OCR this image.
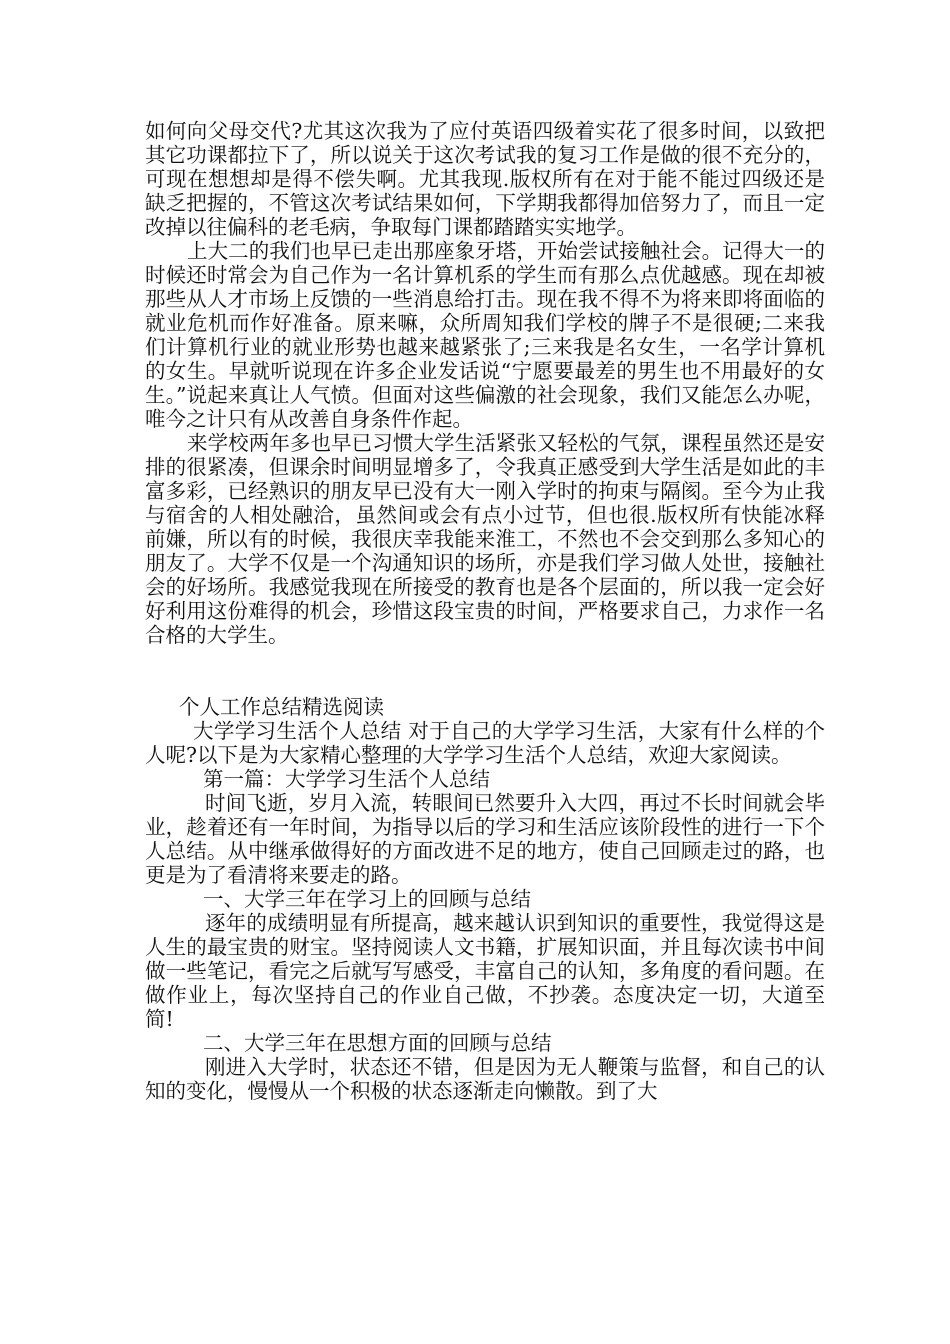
如何向父母交代?尤其这次我为了应付英语四级着实花了很多时间，以致把其它功课都拉下了，所以说关于这次考试我的复习工作是做的很不充分的，可现在想想却是得不偿失啊。尤其我现.版权所有在对于能不能过四级还是缺乏把握的，不管这次考试结果如何，下学期我都得加倍努力了，而且一定改掉以往偏科的老毛病，争取每门课都踏踏实实地学。

上大二的我们也早已走出那座象牙塔，开始尝试接触社会。记得大一的时候还时常会为自己作为一名计算机系的学生而有那么点优越感。现在却被那些从人才市场上反馈的一些消息给打击。现在我不得不为将来即将面临的就业危机而作好准备。原来嘛，众所周知我们学校的牌子不是很硬;二来我们计算机行业的就业形势也越来越紧张了;三来我是名女生，一名学计算机的女生。早就听说现在许多企业发话说“宁愿要最差的男生也不用最好的女生。”说起来真让人气愤。但面对这些偏激的社会现象，我们又能怎么办呢，唯今之计只有从改善自身条件作起。

来学校两年多也早已习惯大学生活紧张又轻松的气氛，课程虽然还是安排的很紧凑，但课余时间明显增多了，令我真正感受到大学生活是如此的丰富多彩，已经熟识的朋友早已没有大一刚入学时的拘束与隔阂。至今为止我与宿舍的人相处融洽，虽然间或会有点小过节，但也很.版权所有快能冰释前嫌，所以有的时候，我很庆幸我能来淮工，不然也不会交到那么多知心的朋友了。大学不仅是一个沟通知识的场所，亦是我们学习做人处世，接触社会的好场所。我感觉我现在所接受的教育也是各个层面的，所以我一定会好好利用这份难得的机会，珍惜这段宝贵的时间，严格要求自己，力求作一名合格的大学生。

个人工作总结精选阅读

大学学习生活个人总结 对于自己的大学学习生活，大家有什么样的个人呢?以下是为大家精心整理的大学学习生活个人总结，欢迎大家阅读。

第一篇：大学学习生活个人总结

时间飞逝，岁月入流，转眼间已然要升入大四，再过不长时间就会毕业，趁着还有一年时间，为指导以后的学习和生活应该阶段性的进行一下个人总结。从中继承做得好的方面改进不足的地方，使自己回顾走过的路，也更是为了看清将来要走的路。

一、大学三年在学习上的回顾与总结

逐年的成绩明显有所提高，越来越认识到知识的重要性，我觉得这是人生的最宝贵的财宝。坚持阅读人文书籍，扩展知识面，并且每次读书中间做一些笔记，看完之后就写写感受，丰富自己的认知，多角度的看问题。在做作业上，每次坚持自己的作业自己做，不抄袭。态度决定一切，大道至简!

二、大学三年在思想方面的回顾与总结

刚进入大学时，状态还不错，但是因为无人鞭策与监督，和自己的认知的变化，慢慢从一个积极的状态逐渐走向懒散。到了大
